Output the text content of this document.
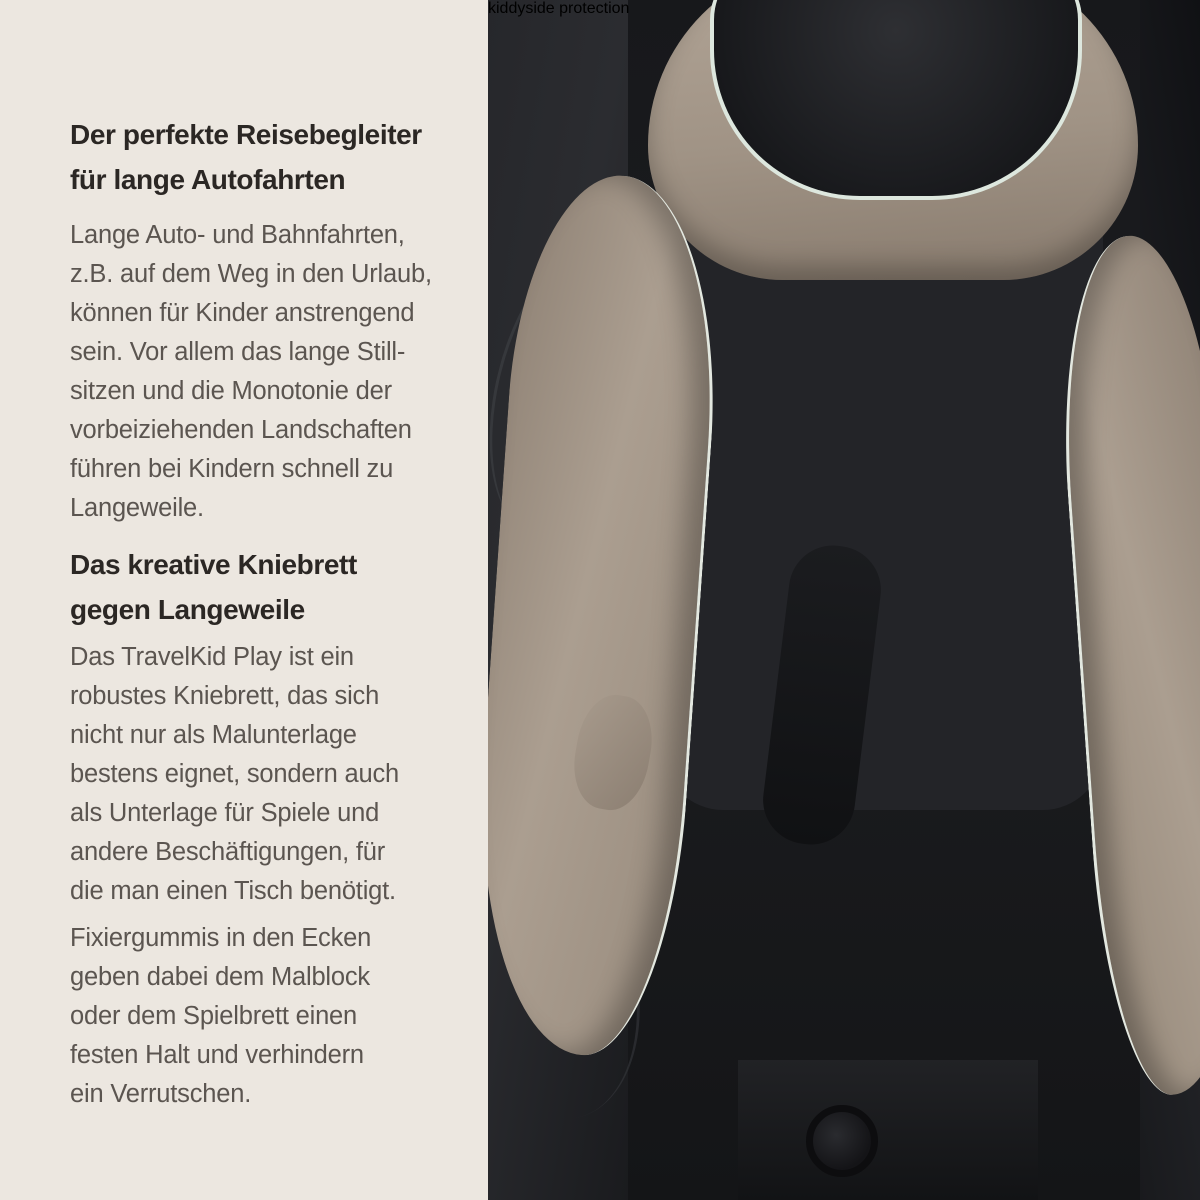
Der perfekte Reisebegleiter
für lange Autofahrten

Lange Auto- und Bahnfahrten,
z.B. auf dem Weg in den Urlaub,
können für Kinder anstrengend
sein. Vor allem das lange Still-
sitzen und die Monotonie der
vorbeiziehenden Landschaften
führen bei Kindern schnell zu
Langeweile.

Das kreative Kniebrett
gegen Langeweile

Das TravelKid Play ist ein
robustes Kniebrett, das sich
nicht nur als Malunterlage
bestens eignet, sondern auch
als Unterlage für Spiele und
andere Beschäftigungen, für
die man einen Tisch benötigt.

Fixiergummis in den Ecken
geben dabei dem Malblock
oder dem Spielbrett einen
festen Halt und verhindern
ein Verrutschen.

kiddyside protection
